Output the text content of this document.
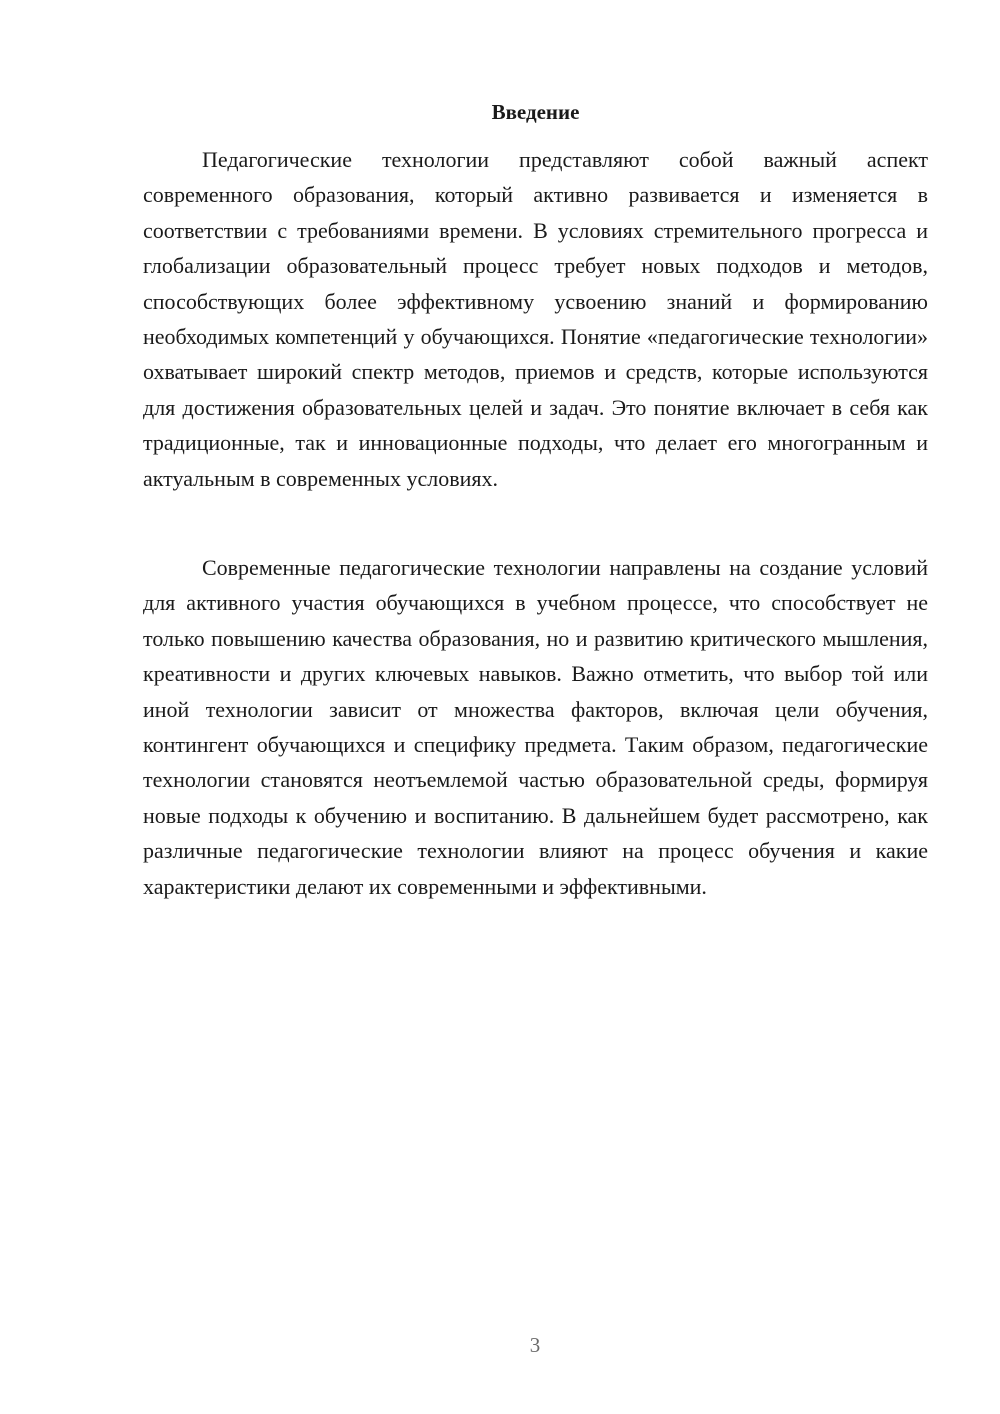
Введение

Педагогические технологии представляют собой важный аспект современного образования, который активно развивается и изменяется в соответствии с требованиями времени. В условиях стремительного прогресса и глобализации образовательный процесс требует новых подходов и методов, способствующих более эффективному усвоению знаний и формированию необходимых компетенций у обучающихся. Понятие «педагогические технологии» охватывает широкий спектр методов, приемов и средств, которые используются для достижения образовательных целей и задач. Это понятие включает в себя как традиционные, так и инновационные подходы, что делает его многогранным и актуальным в современных условиях.

Современные педагогические технологии направлены на создание условий для активного участия обучающихся в учебном процессе, что способствует не только повышению качества образования, но и развитию критического мышления, креативности и других ключевых навыков. Важно отметить, что выбор той или иной технологии зависит от множества факторов, включая цели обучения, контингент обучающихся и специфику предмета. Таким образом, педагогические технологии становятся неотъемлемой частью образовательной среды, формируя новые подходы к обучению и воспитанию. В дальнейшем будет рассмотрено, как различные педагогические технологии влияют на процесс обучения и какие характеристики делают их современными и эффективными.

3
